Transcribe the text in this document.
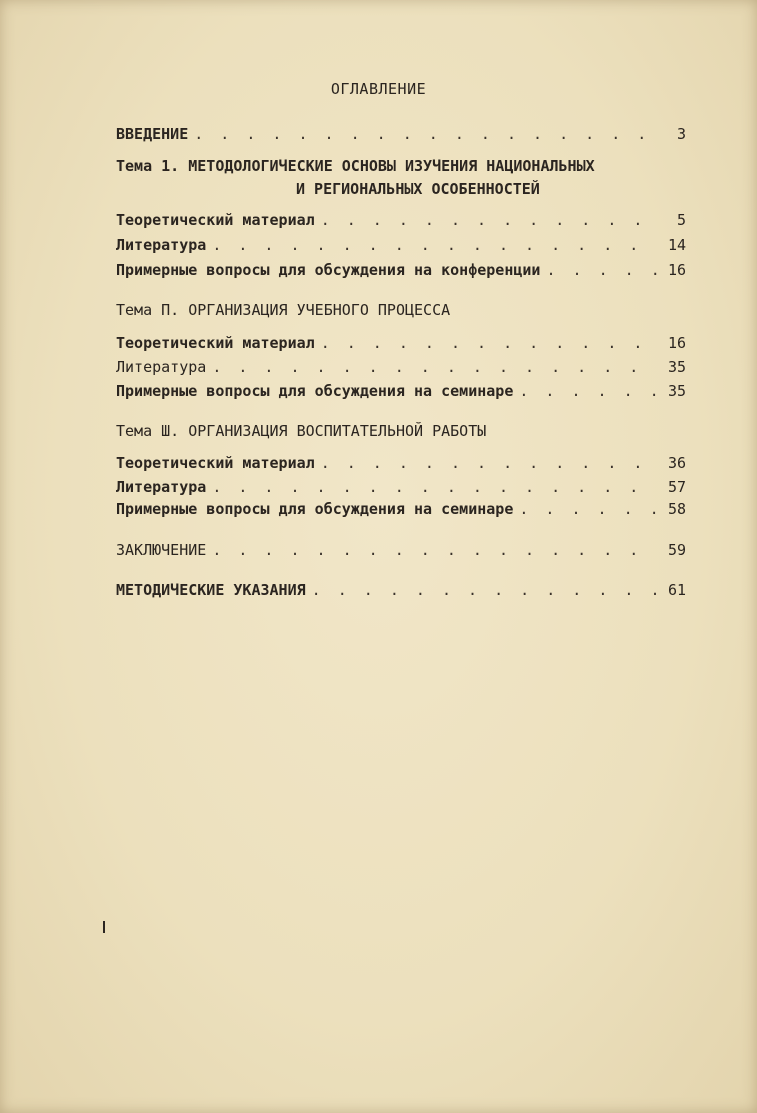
ОГЛАВЛЕНИЕ
ВВЕДЕНИЕ . . .	3
Тема 1. МЕТОДОЛОГИЧЕСКИЕ ОСНОВЫ ИЗУЧЕНИЯ НАЦИОНАЛЬНЫХ
И РЕГИОНАЛЬНЫХ ОСОБЕННОСТЕЙ
Теоретический материал . . .	5
Литература . . .	14
Примерные вопросы для обсуждения на конференции . . .	16
Тема П. ОРГАНИЗАЦИЯ УЧЕБНОГО ПРОЦЕССА
Теоретический материал . . .	16
Литература . . .	35
Примерные вопросы для обсуждения на семинаре . . .	35
Тема Ш. ОРГАНИЗАЦИЯ ВОСПИТАТЕЛЬНОЙ РАБОТЫ
Теоретический материал . . .	36
Литература . . .	57
Примерные вопросы для обсуждения на семинаре . . .	58
ЗАКЛЮЧЕНИЕ . . .	59
МЕТОДИЧЕСКИЕ УКАЗАНИЯ . . .	61
